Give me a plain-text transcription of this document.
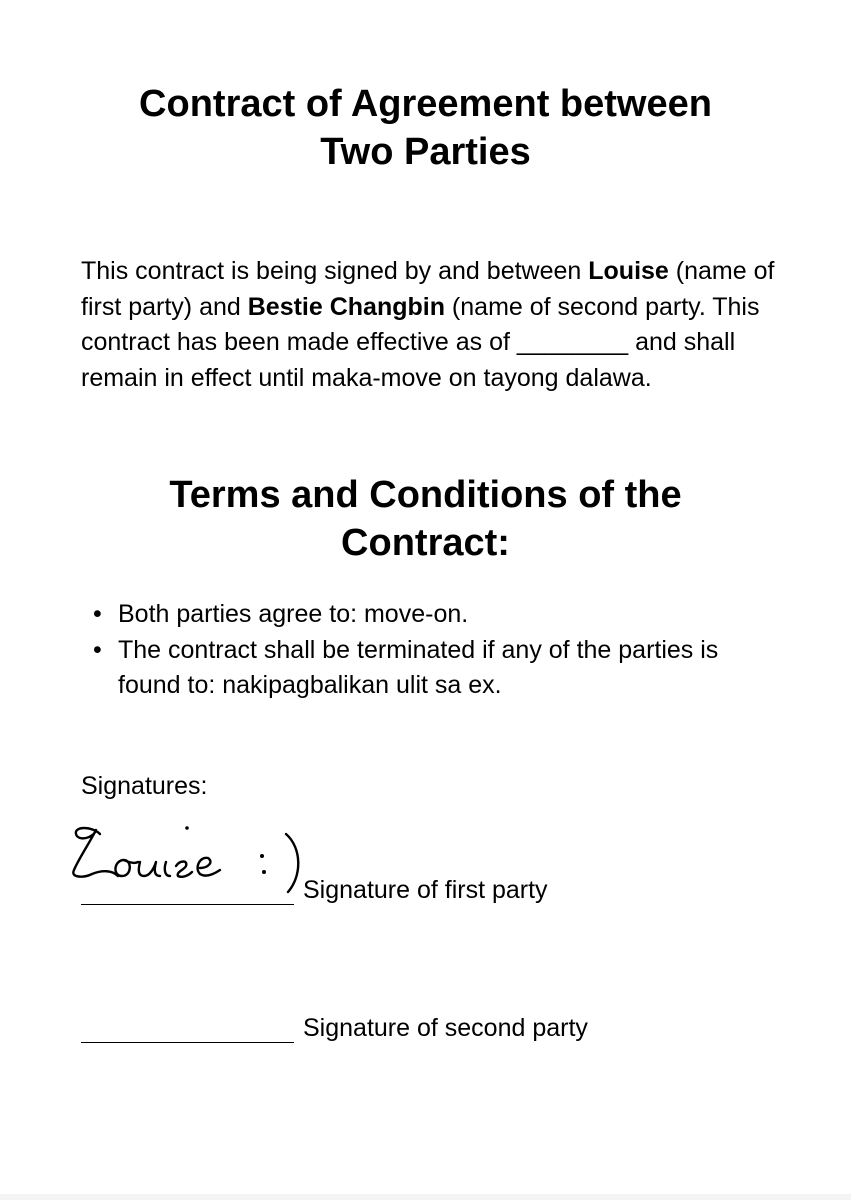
Contract of Agreement between
Two Parties

This contract is being signed by and between Louise (name of first party) and Bestie Changbin (name of second party. This contract has been made effective as of ________ and shall remain in effect until maka-move on tayong dalawa.

Terms and Conditions of the
Contract:
• Both parties agree to: move-on.
• The contract shall be terminated if any of the parties is found to: nakipagbalikan ulit sa ex.

Signatures:

Signature of first party
Signature of second party
